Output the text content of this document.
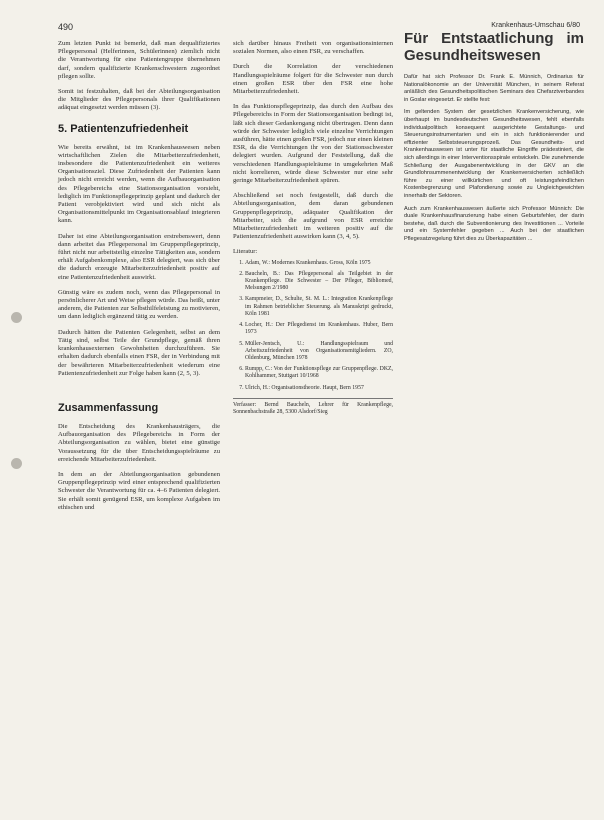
490	Krankenhaus-Umschau 6/80

Zum letzten Punkt ist bemerkt, daß man dequalifiziertes Pflegepersonal (Helferinnen, Schülerinnen) ziemlich nicht die Verantwortung für eine Patientengruppe übernehmen darf, sondern qualifizierte Krankenschwestern zugeordnet pflegen sollte.

Somit ist festzuhalten, daß bei der Abteilungsorganisation die Mitglieder des Pflegepersonals ihrer Qualifikationen adäquat eingesetzt werden müssen (3).

5. Patientenzufriedenheit

Wie bereits erwähnt, ist im Krankenhauswesen neben wirtschaftlichen Zielen die Mitarbeiterzufriedenheit, insbesondere die Patientenzufriedenheit ein weiteres Organisationsziel. Diese Zufriedenheit der Patienten kann jedoch nicht erreicht werden, wenn die Aufbauorganisation des Pflegebereichs eine Stationsorganisation vorsieht, lediglich im Funktionspflegeprinzip geplant und dadurch der Patient verobjektiviert wird und sich nicht als Organisationsmittelpunkt im Organisationsablauf integrieren kann.

Daher ist eine Abteilungsorganisation erstrebenswert, denn dann arbeitet das Pflegepersonal im Gruppenpflegeprinzip, führt nicht nur arbeitsteilig einzelne Tätigkeiten aus, sondern erhält Aufgabenkomplexe, also ESR delegiert, was sich über die dadurch erzeugte Mitarbeiterzufriedenheit positiv auf eine Patientenzufriedenheit auswirkt.

Günstig wäre es zudem noch, wenn das Pflegepersonal in persönlicherer Art und Weise pflegen würde. Das heißt, unter anderem, die Patienten zur Selbsthilfeleistung zu motivieren, um dann lediglich ergänzend tätig zu werden.

Dadurch hätten die Patienten Gelegenheit, selbst an dem Tätig sind, selbst Teile der Grundpflege, gemäß ihren krankenhausexternen Gewohnheiten durchzuführen. Sie erhalten dadurch ebenfalls einen FSR, der in Verbindung mit der bewährteren Mitarbeiterzufriedenheit wiederum eine Patientenzufriedenheit zur Folge haben kann (2, 5, 3).

Zusammenfassung

Die Entscheidung des Krankenhausträgers, die Aufbauorganisation des Pflegebereichs in Form der Abteilungsorganisation zu wählen, bietet eine günstige Voraussetzung für die über Entscheidungsspielräume zu erreichende Mitarbeiterzufriedenheit.

In dem an der Abteilungsorganisation gebundenen Gruppenpflegeprinzip wird einer entsprechend qualifizierten Schwester die Verantwortung für ca. 4–6 Patienten delegiert. Sie erhält somit genügend ESR, um komplexe Aufgaben im ethischen und

sich darüber hinaus Freiheit von organisationsinternen sozialen Normen, also einen FSR, zu verschaffen.

Durch die Korrelation der verschiedenen Handlungsspielräume folgert für die Schwester nun durch einen großen ESR über den FSR eine hohe Mitarbeiterzufriedenheit.

In das Funktionspflegeprinzip, das durch den Aufbau des Pflegebereichs in Form der Stationsorganisation bedingt ist, läßt sich dieser Gedankengang nicht übertragen. Denn dann würde der Schwester lediglich viele einzelne Verrichtungen ausführen, hätte einen großen FSR, jedoch nur einen kleinen ESR, da die Verrichtungen ihr von der Stationsschwester delegiert wurden. Aufgrund der Feststellung, daß die verschiedenen Handlungsspielräume in umgekehrten Maß nicht korrelieren, würde diese Schwester nur eine sehr geringe Mitarbeiterzufriedenheit spüren.

Abschließend sei noch festgestellt, daß durch die Abteilungsorganisation, dem daran gebundenen Gruppenpflegeprinzip, adäquater Qualifikation der Mitarbeiter, sich die aufgrund von ESR erreichte Mitarbeiterzufriedenheit im weiteren positiv auf die Patientenzufriedenheit auswirken kann (3, 4, 5).

Literatur:
1. Adam, W.: Modernes Krankenhaus. Gross, Köln 1975
2. Baucheln, B.: Das Pflegepersonal als Teilgebiet in der Krankenpflege. Die Schwester – Der Pfleger, Bibliomed, Melsungen 2/1980
3. Kampmeier, D., Schulte, St. M. L.: Integration Krankenpflege im Rahmen betrieblicher Steuerung. als Manuskript gedruckt, Köln 1981
4. Locher, H.: Der Pflegedienst im Krankenhaus. Huber, Bern 1973
5. Müller-Jentsch, U.: Handlungsspielraum und Arbeitszufriedenheit von Organisationsmitgliedern. ZO, Oldenburg, München 1978
6. Rumpp, C.: Von der Funktionspflege zur Gruppenpflege. DKZ, Kohlhammer, Stuttgart 10/1968
7. Ulrich, H.: Organisationstheorie. Haupt, Bern 1957
Verfasser: Bernd Baucheln, Lehrer für Krankenpflege, Sonnenbachstraße 28, 5300 Alsdorf/Sieg
Für Entstaatlichung im Gesundheitswesen

Dafür hat sich Professor Dr. Frank E. Münnich, Ordinarius für Nationalökonomie an der Universität München, in seinem Referat anläßlich des Gesundheitspolitischen Seminars des Chefarztverbandes in Goslar eingesetzt. Er stellte fest:

Im geltenden System der gesetzlichen Krankenversicherung, wie überhaupt im bundesdeutschen Gesundheitswesen, fehlt ebenfalls individualpolitisch konsequent ausgerichtete Gestaltungs- und Steuerungsinstrumentarien und ein in sich funktionierender und effizienter Selbststeuerungsprozeß. Das Gesundheits- und Krankenhauswesen ist unter für staatliche Eingriffe prädestiniert, die sich allerdings in einer Interventionsspirale entwickeln. Die zunehmende Schließung der Ausgabenentwicklung in der GKV an die Grundlohnsummenentwicklung der Krankenversicherten schließlich führe zu einer willkürlichen und oft leistungsfeindlichen Kostenbegrenzung und Plafondierung sowie zu Ungleichgewichten innerhalb der Sektoren.

Auch zum Krankenhauswesen äußerte sich Professor Münnich: Die duale Krankenhausfinanzierung habe einen Geburtsfehler, der darin bestehe, daß durch die Subventionierung des Investitionen ... Vorteile und ein Systemfehler gegeben ... Auch bei der staatlichen Pflegesatzregelung führt dies zu Überkapazitäten ...
